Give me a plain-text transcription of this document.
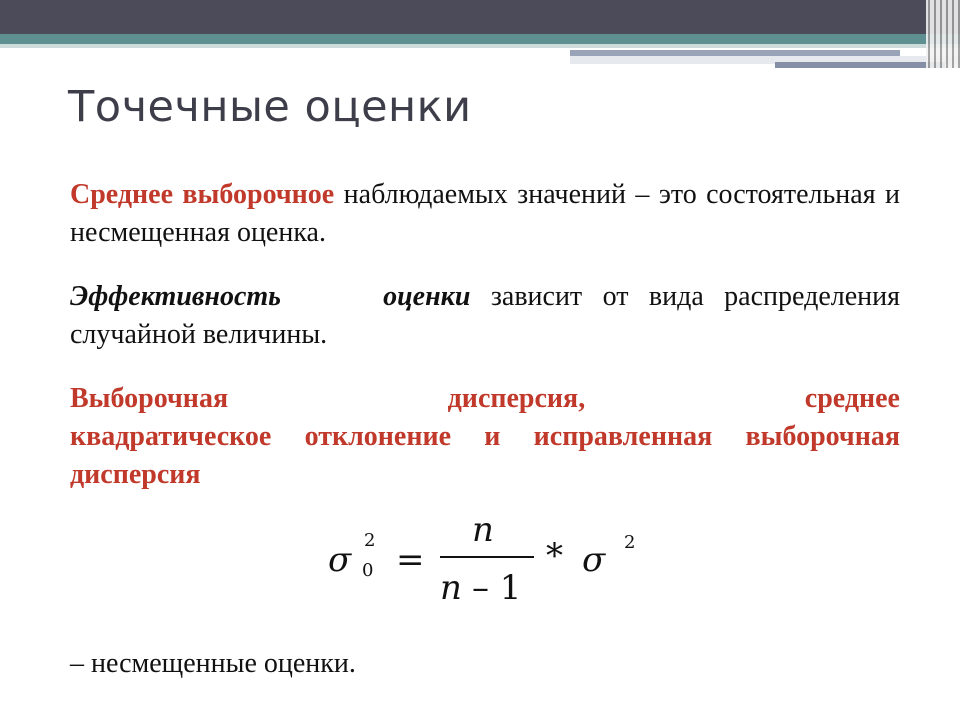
Точечные оценки

Среднее выборочное наблюдаемых значений – это состоятельная и несмещенная оценка.

Эффективность	оценки зависит от вида распределения случайной величины.

Выборочная	дисперсия,	среднее
квадратическое отклонение и исправленная выборочная дисперсия
σ 2
0 =
n
n – 1
* σ 2

– несмещенные оценки.
